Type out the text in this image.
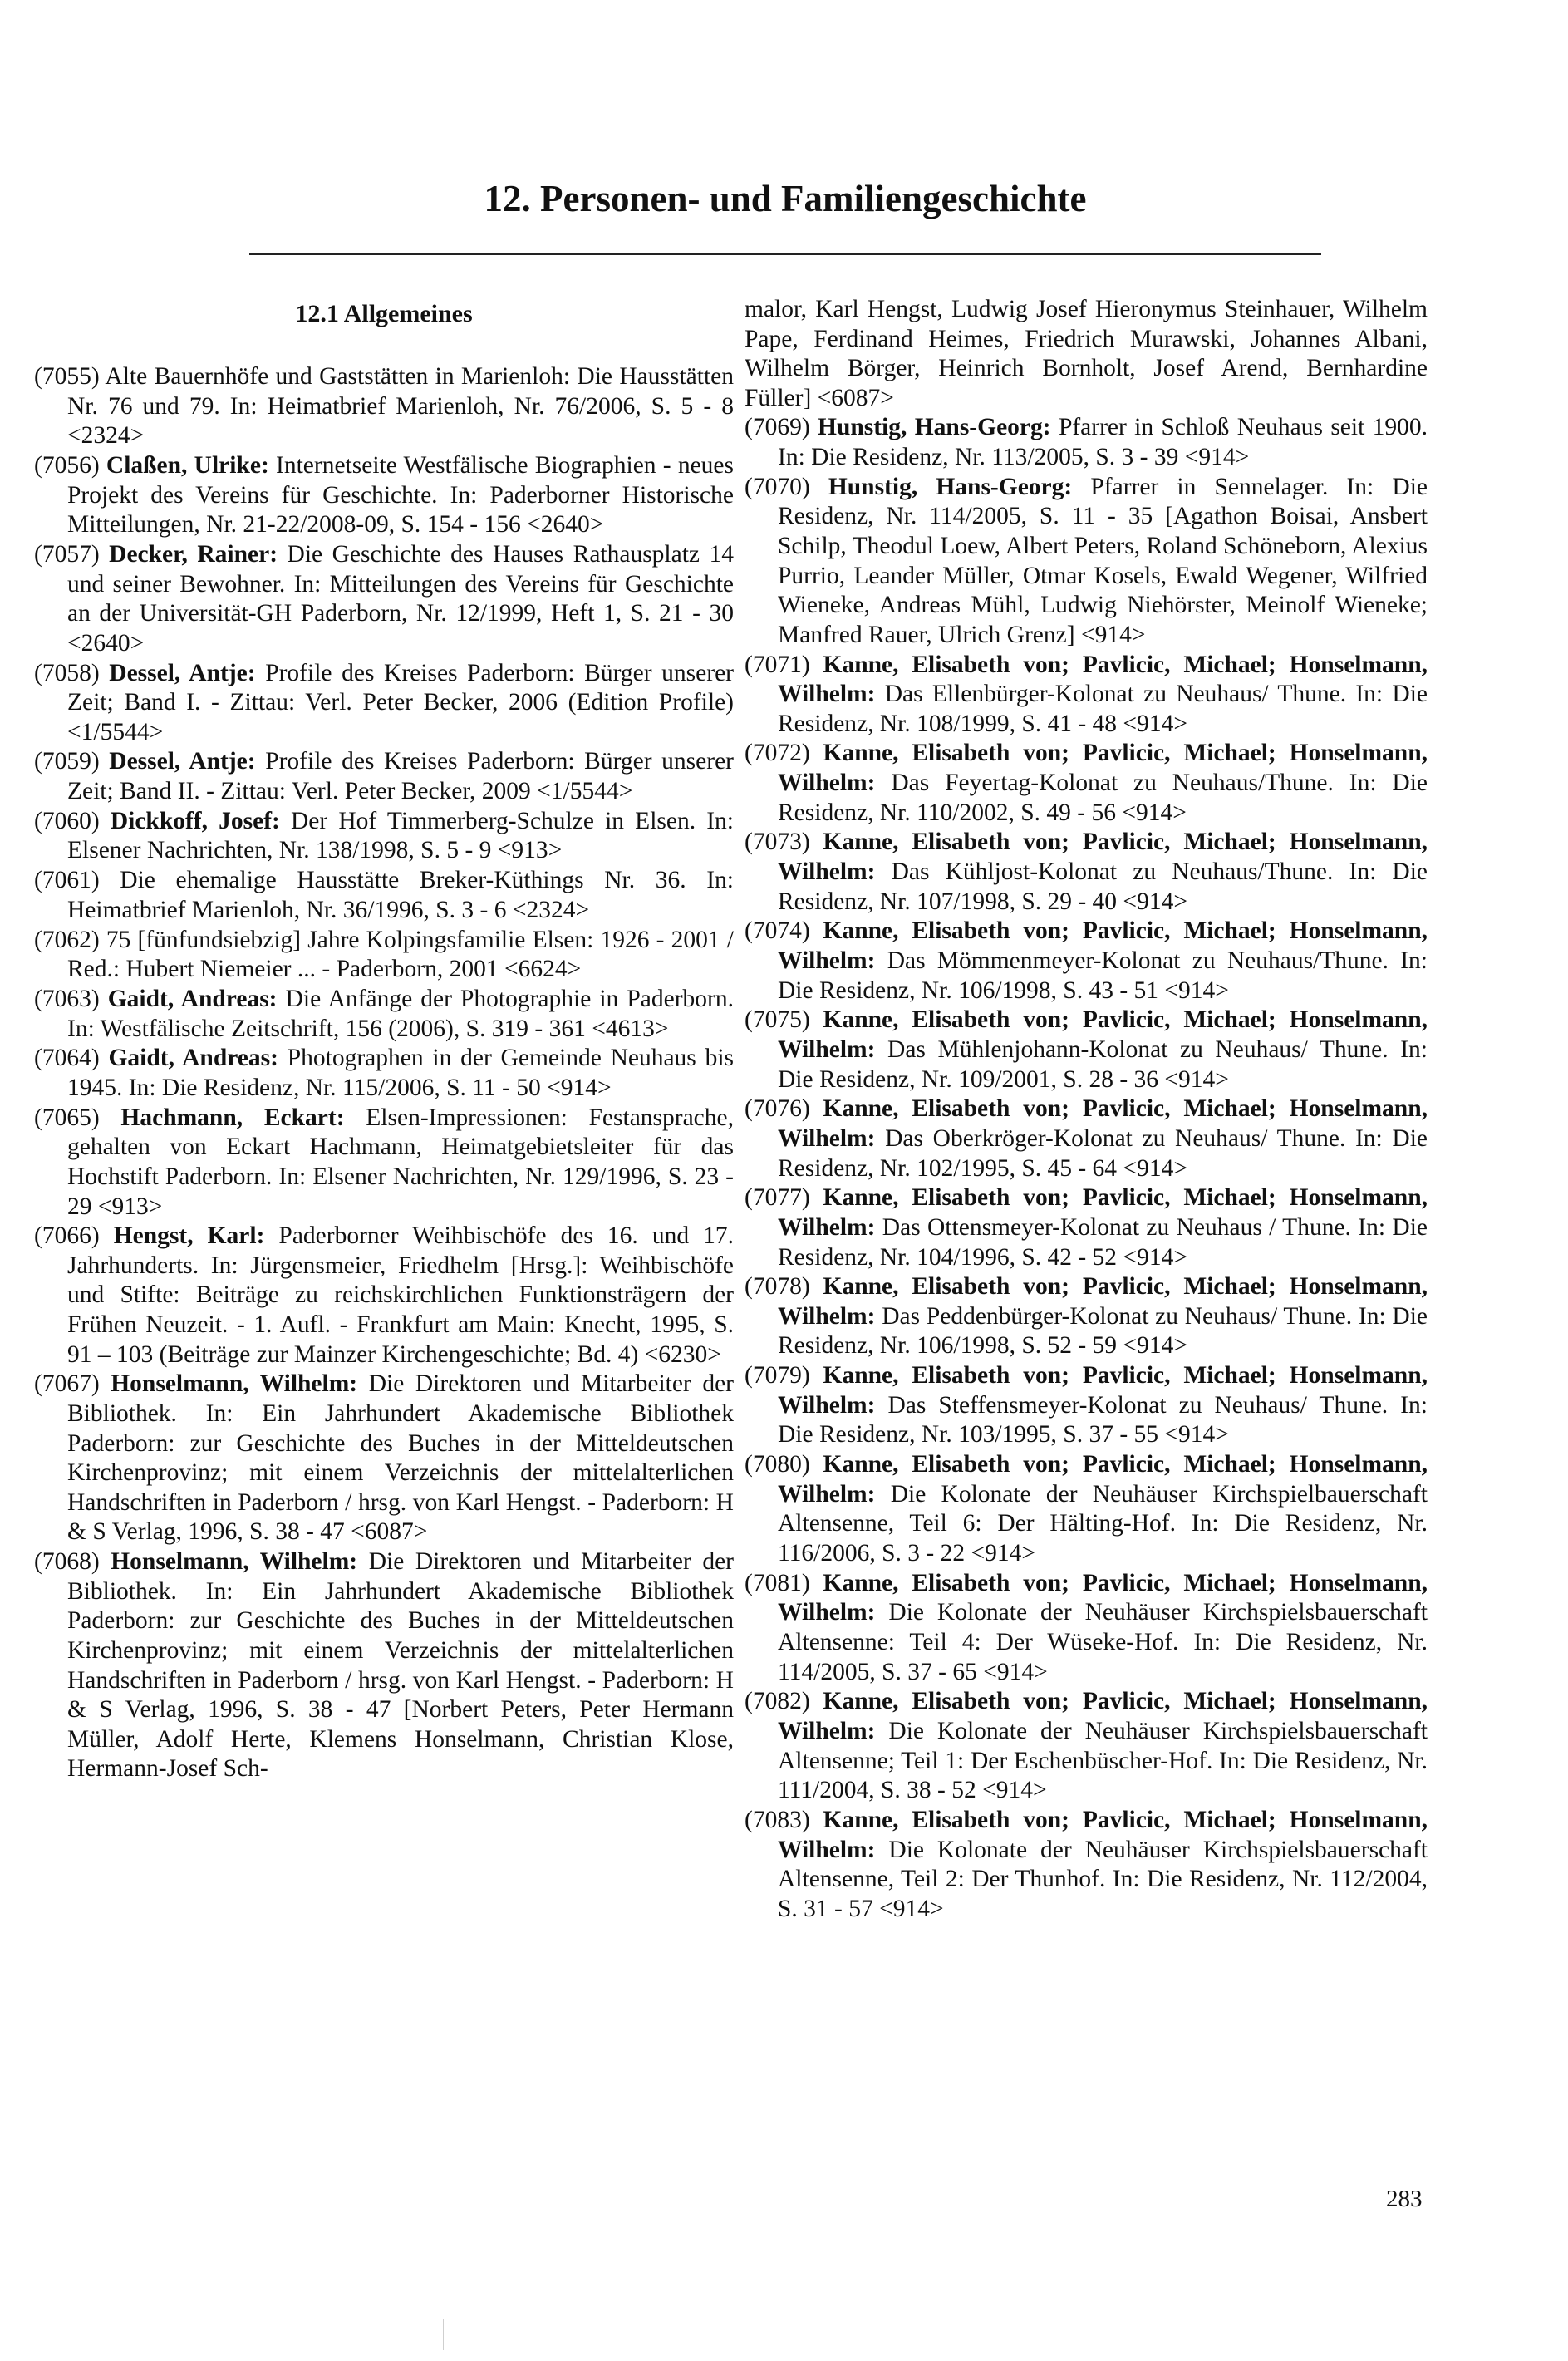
12. Personen- und Familiengeschichte
12.1 Allgemeines

(7055) Alte Bauernhöfe und Gaststätten in Marienloh: Die Hausstätten Nr. 76 und 79. In: Heimatbrief Marienloh, Nr. 76/2006, S. 5 - 8 <2324>

(7056) Claßen, Ulrike: Internetseite Westfälische Biographien - neues Projekt des Vereins für Geschichte. In: Paderborner Historische Mitteilungen, Nr. 21-22/2008-09, S. 154 - 156 <2640>

(7057) Decker, Rainer: Die Geschichte des Hauses Rathausplatz 14 und seiner Bewohner. In: Mitteilungen des Vereins für Geschichte an der Universität-GH Paderborn, Nr. 12/1999, Heft 1, S. 21 - 30 <2640>

(7058) Dessel, Antje: Profile des Kreises Paderborn: Bürger unserer Zeit; Band I. - Zittau: Verl. Peter Becker, 2006 (Edition Profile) <1/5544>

(7059) Dessel, Antje: Profile des Kreises Paderborn: Bürger unserer Zeit; Band II. - Zittau: Verl. Peter Becker, 2009 <1/5544>

(7060) Dickkoff, Josef: Der Hof Timmerberg-Schulze in Elsen. In: Elsener Nachrichten, Nr. 138/1998, S. 5 - 9 <913>

(7061) Die ehemalige Hausstätte Breker-Küthings Nr. 36. In: Heimatbrief Marienloh, Nr. 36/1996, S. 3 - 6 <2324>

(7062) 75 [fünfundsiebzig] Jahre Kolpingsfamilie Elsen: 1926 - 2001 / Red.: Hubert Niemeier ... - Paderborn, 2001 <6624>

(7063) Gaidt, Andreas: Die Anfänge der Photographie in Paderborn. In: Westfälische Zeitschrift, 156 (2006), S. 319 - 361 <4613>

(7064) Gaidt, Andreas: Photographen in der Gemeinde Neuhaus bis 1945. In: Die Residenz, Nr. 115/2006, S. 11 - 50 <914>

(7065) Hachmann, Eckart: Elsen-Impressionen: Festansprache, gehalten von Eckart Hachmann, Heimatgebietsleiter für das Hochstift Paderborn. In: Elsener Nachrichten, Nr. 129/1996, S. 23 - 29 <913>

(7066) Hengst, Karl: Paderborner Weihbischöfe des 16. und 17. Jahrhunderts. In: Jürgensmeier, Friedhelm [Hrsg.]: Weihbischöfe und Stifte: Beiträge zu reichskirchlichen Funktionsträgern der Frühen Neuzeit. - 1. Aufl. - Frankfurt am Main: Knecht, 1995, S. 91 – 103 (Beiträge zur Mainzer Kirchengeschichte; Bd. 4) <6230>

(7067) Honselmann, Wilhelm: Die Direktoren und Mitarbeiter der Bibliothek. In: Ein Jahrhundert Akademische Bibliothek Paderborn: zur Geschichte des Buches in der Mitteldeutschen Kirchenprovinz; mit einem Verzeichnis der mittelalterlichen Handschriften in Paderborn / hrsg. von Karl Hengst. - Paderborn: H & S Verlag, 1996, S. 38 - 47 <6087>

(7068) Honselmann, Wilhelm: Die Direktoren und Mitarbeiter der Bibliothek. In: Ein Jahrhundert Akademische Bibliothek Paderborn: zur Geschichte des Buches in der Mitteldeutschen Kirchenprovinz; mit einem Verzeichnis der mittelalterlichen Handschriften in Paderborn / hrsg. von Karl Hengst. - Paderborn: H & S Verlag, 1996, S. 38 - 47 [Norbert Peters, Peter Hermann Müller, Adolf Herte, Klemens Honselmann, Christian Klose, Hermann-Josef Sch-

malor, Karl Hengst, Ludwig Josef Hieronymus Steinhauer, Wilhelm Pape, Ferdinand Heimes, Friedrich Murawski, Johannes Albani, Wilhelm Börger, Heinrich Bornholt, Josef Arend, Bernhardine Füller] <6087>

(7069) Hunstig, Hans-Georg: Pfarrer in Schloß Neuhaus seit 1900. In: Die Residenz, Nr. 113/2005, S. 3 - 39 <914>

(7070) Hunstig, Hans-Georg: Pfarrer in Sennelager. In: Die Residenz, Nr. 114/2005, S. 11 - 35 [Agathon Boisai, Ansbert Schilp, Theodul Loew, Albert Peters, Roland Schöneborn, Alexius Purrio, Leander Müller, Otmar Kosels, Ewald Wegener, Wilfried Wieneke, Andreas Mühl, Ludwig Niehörster, Meinolf Wieneke; Manfred Rauer, Ulrich Grenz] <914>

(7071) Kanne, Elisabeth von; Pavlicic, Michael; Honselmann, Wilhelm: Das Ellenbürger-Kolonat zu Neuhaus/ Thune. In: Die Residenz, Nr. 108/1999, S. 41 - 48 <914>

(7072) Kanne, Elisabeth von; Pavlicic, Michael; Honselmann, Wilhelm: Das Feyertag-Kolonat zu Neuhaus/Thune. In: Die Residenz, Nr. 110/2002, S. 49 - 56 <914>

(7073) Kanne, Elisabeth von; Pavlicic, Michael; Honselmann, Wilhelm: Das Kühljost-Kolonat zu Neuhaus/Thune. In: Die Residenz, Nr. 107/1998, S. 29 - 40 <914>

(7074) Kanne, Elisabeth von; Pavlicic, Michael; Honselmann, Wilhelm: Das Mömmenmeyer-Kolonat zu Neuhaus/Thune. In: Die Residenz, Nr. 106/1998, S. 43 - 51 <914>

(7075) Kanne, Elisabeth von; Pavlicic, Michael; Honselmann, Wilhelm: Das Mühlenjohann-Kolonat zu Neuhaus/ Thune. In: Die Residenz, Nr. 109/2001, S. 28 - 36 <914>

(7076) Kanne, Elisabeth von; Pavlicic, Michael; Honselmann, Wilhelm: Das Oberkröger-Kolonat zu Neuhaus/ Thune. In: Die Residenz, Nr. 102/1995, S. 45 - 64 <914>

(7077) Kanne, Elisabeth von; Pavlicic, Michael; Honselmann, Wilhelm: Das Ottensmeyer-Kolonat zu Neuhaus / Thune. In: Die Residenz, Nr. 104/1996, S. 42 - 52 <914>

(7078) Kanne, Elisabeth von; Pavlicic, Michael; Honselmann, Wilhelm: Das Peddenbürger-Kolonat zu Neuhaus/ Thune. In: Die Residenz, Nr. 106/1998, S. 52 - 59 <914>

(7079) Kanne, Elisabeth von; Pavlicic, Michael; Honselmann, Wilhelm: Das Steffensmeyer-Kolonat zu Neuhaus/ Thune. In: Die Residenz, Nr. 103/1995, S. 37 - 55 <914>

(7080) Kanne, Elisabeth von; Pavlicic, Michael; Honselmann, Wilhelm: Die Kolonate der Neuhäuser Kirchspielbauerschaft Altensenne, Teil 6: Der Hälting-Hof. In: Die Residenz, Nr. 116/2006, S. 3 - 22 <914>

(7081) Kanne, Elisabeth von; Pavlicic, Michael; Honselmann, Wilhelm: Die Kolonate der Neuhäuser Kirchspielsbauerschaft Altensenne: Teil 4: Der Wüseke-Hof. In: Die Residenz, Nr. 114/2005, S. 37 - 65 <914>

(7082) Kanne, Elisabeth von; Pavlicic, Michael; Honselmann, Wilhelm: Die Kolonate der Neuhäuser Kirchspielsbauerschaft Altensenne; Teil 1: Der Eschenbüscher-Hof. In: Die Residenz, Nr. 111/2004, S. 38 - 52 <914>

(7083) Kanne, Elisabeth von; Pavlicic, Michael; Honselmann, Wilhelm: Die Kolonate der Neuhäuser Kirchspielsbauerschaft Altensenne, Teil 2: Der Thunhof. In: Die Residenz, Nr. 112/2004, S. 31 - 57 <914>

283
